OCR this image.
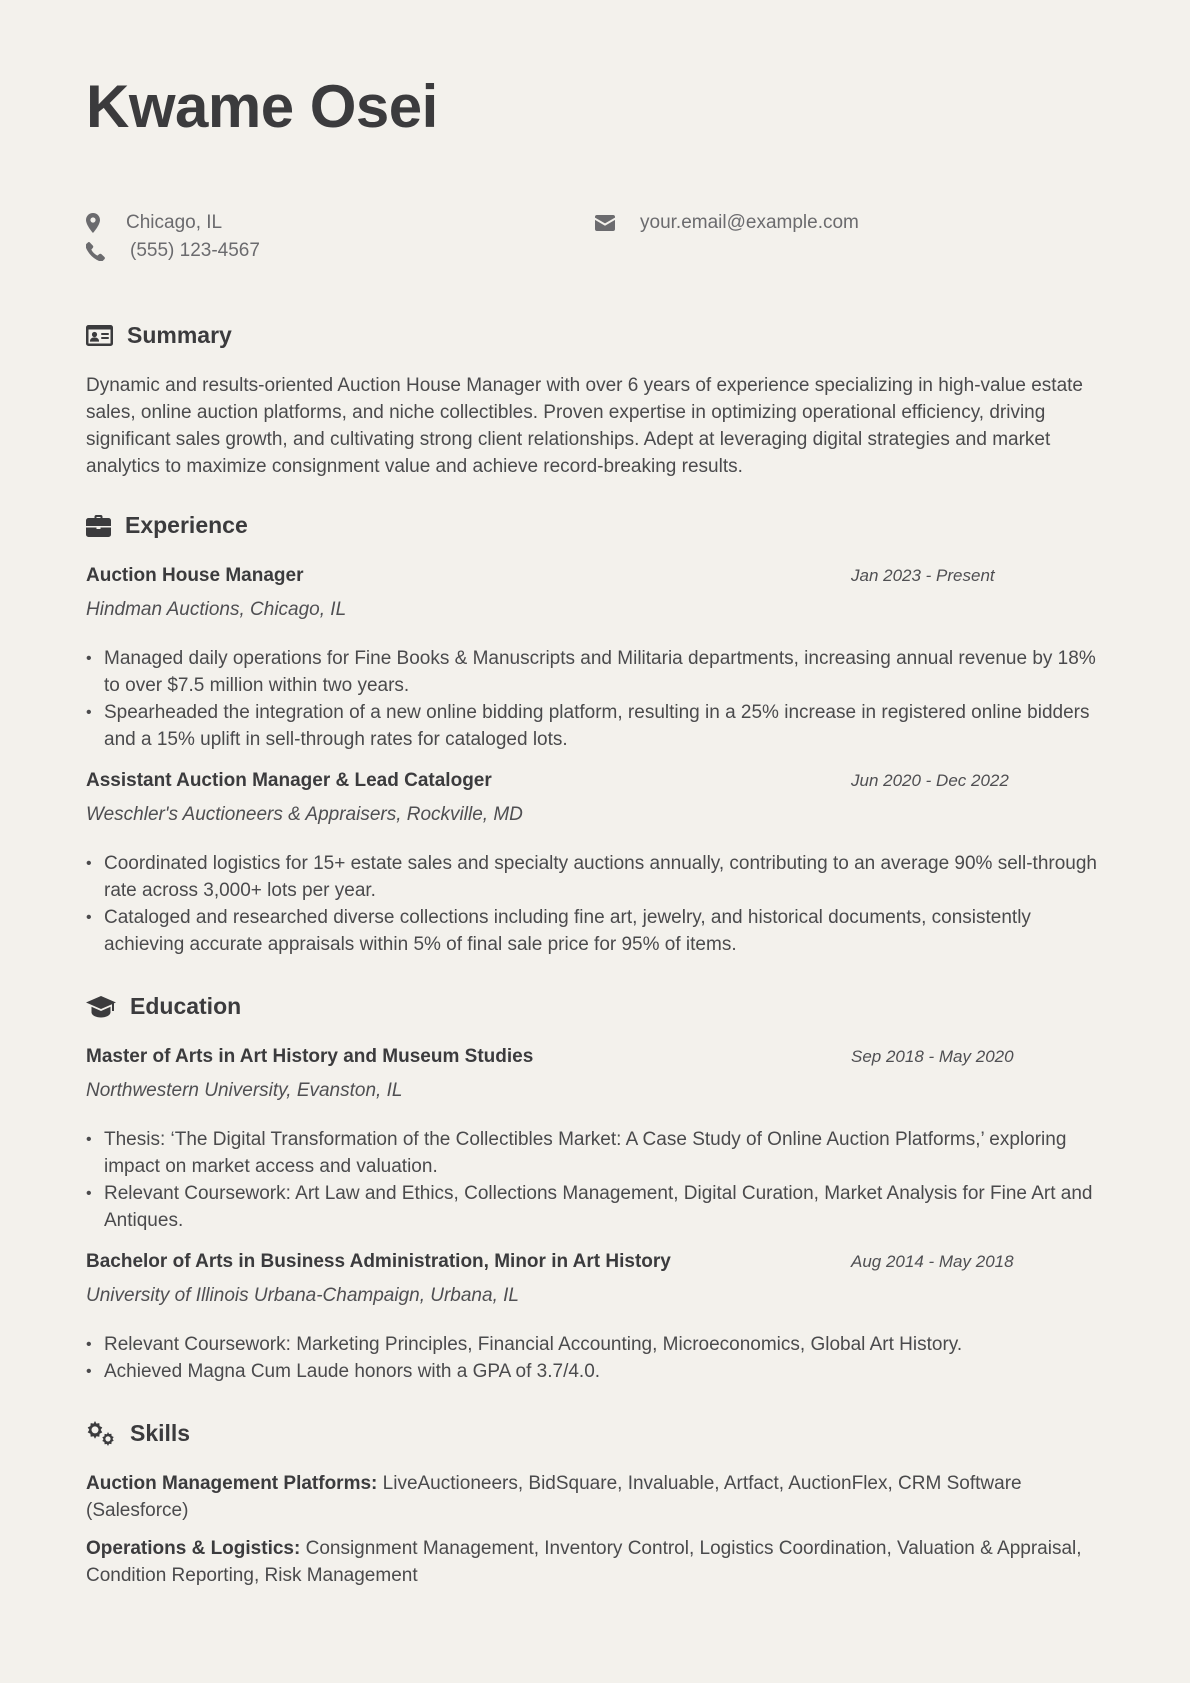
Kwame Osei
Chicago, IL	your.email@example.com
(555) 123-4567
Summary

Dynamic and results-oriented Auction House Manager with over 6 years of experience specializing in high-value estate sales, online auction platforms, and niche collectibles. Proven expertise in optimizing operational efficiency, driving significant sales growth, and cultivating strong client relationships. Adept at leveraging digital strategies and market analytics to maximize consignment value and achieve record-breaking results.

Experience
Auction House Manager	Jan 2023 - Present
Hindman Auctions, Chicago, IL
• Managed daily operations for Fine Books & Manuscripts and Militaria departments, increasing annual revenue by 18% to over $7.5 million within two years.
• Spearheaded the integration of a new online bidding platform, resulting in a 25% increase in registered online bidders and a 15% uplift in sell-through rates for cataloged lots.
Assistant Auction Manager & Lead Cataloger	Jun 2020 - Dec 2022
Weschler's Auctioneers & Appraisers, Rockville, MD
• Coordinated logistics for 15+ estate sales and specialty auctions annually, contributing to an average 90% sell-through rate across 3,000+ lots per year.
• Cataloged and researched diverse collections including fine art, jewelry, and historical documents, consistently achieving accurate appraisals within 5% of final sale price for 95% of items.
Education
Master of Arts in Art History and Museum Studies	Sep 2018 - May 2020
Northwestern University, Evanston, IL
• Thesis: ‘The Digital Transformation of the Collectibles Market: A Case Study of Online Auction Platforms,’ exploring impact on market access and valuation.
• Relevant Coursework: Art Law and Ethics, Collections Management, Digital Curation, Market Analysis for Fine Art and Antiques.
Bachelor of Arts in Business Administration, Minor in Art History	Aug 2014 - May 2018
University of Illinois Urbana-Champaign, Urbana, IL
• Relevant Coursework: Marketing Principles, Financial Accounting, Microeconomics, Global Art History.
• Achieved Magna Cum Laude honors with a GPA of 3.7/4.0.
Skills

Auction Management Platforms: LiveAuctioneers, BidSquare, Invaluable, Artfact, AuctionFlex, CRM Software (Salesforce)

Operations & Logistics: Consignment Management, Inventory Control, Logistics Coordination, Valuation & Appraisal, Condition Reporting, Risk Management
